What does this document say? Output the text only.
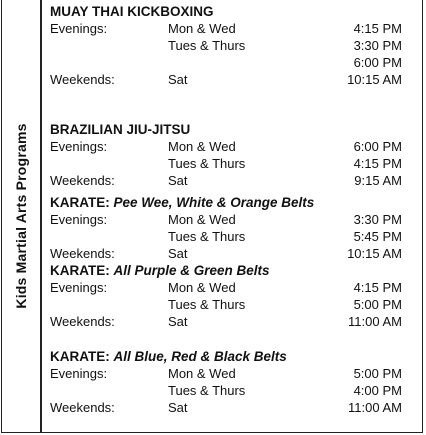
Kids Martial Arts Programs
MUAY THAI KICKBOXING
Evenings:	Mon & Wed	4:15 PM
Tues & Thurs	3:30 PM
6:00 PM
Weekends:	Sat	10:15 AM
BRAZILIAN JIU-JITSU
Evenings:	Mon & Wed	6:00 PM
Tues & Thurs	4:15 PM
Weekends:	Sat	9:15 AM
KARATE: Pee Wee, White & Orange Belts
Evenings:	Mon & Wed	3:30 PM
Tues & Thurs	5:45 PM
Weekends:	Sat	10:15 AM
KARATE: All Purple & Green Belts
Evenings:	Mon & Wed	4:15 PM
Tues & Thurs	5:00 PM
Weekends:	Sat	11:00 AM
KARATE: All Blue, Red & Black Belts
Evenings:	Mon & Wed	5:00 PM
Tues & Thurs	4:00 PM
Weekends:	Sat	11:00 AM
